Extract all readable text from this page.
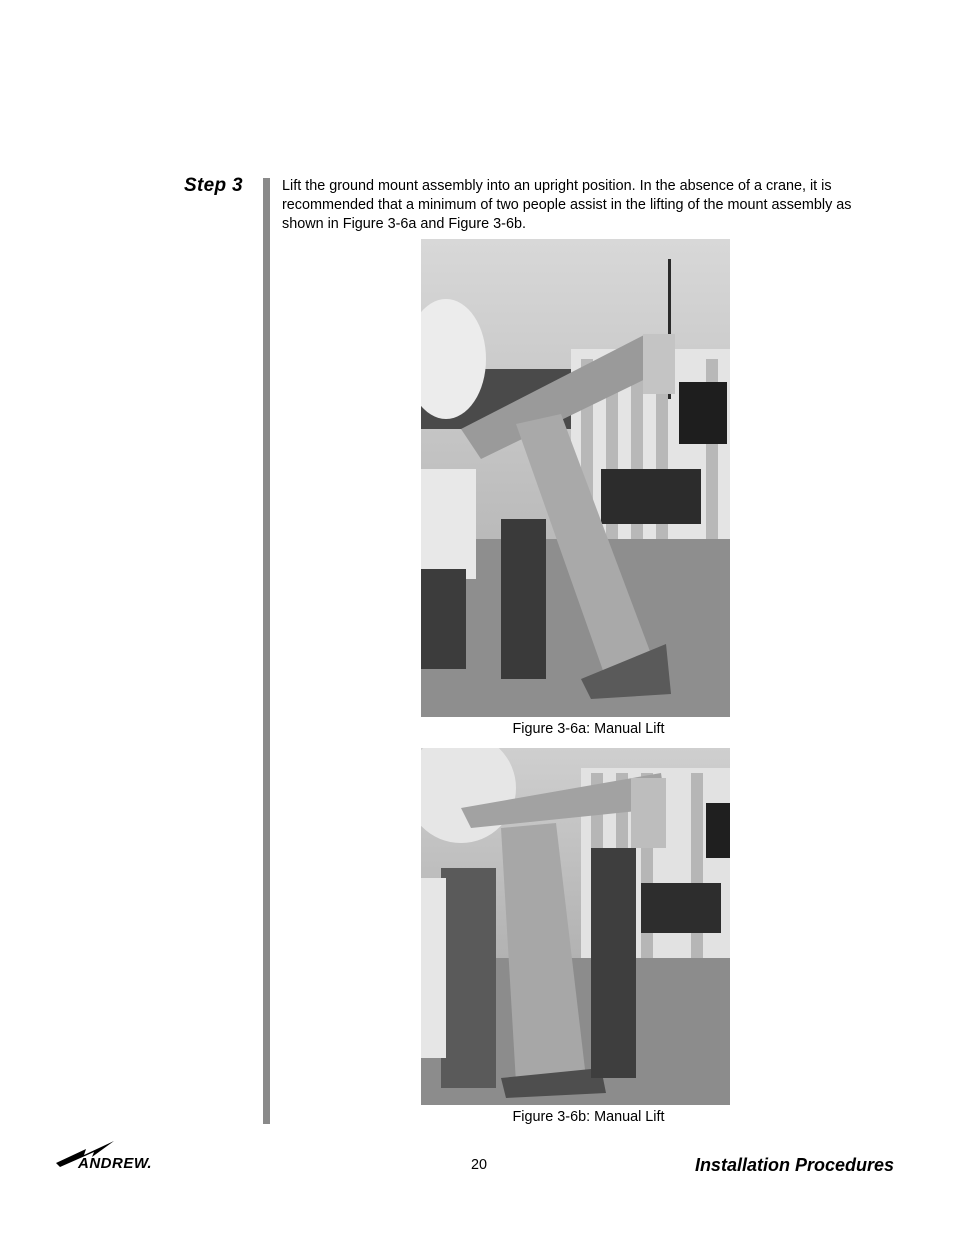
Step 3	Lift the ground mount assembly into an upright position. In the absence of a crane, it is recommended that a minimum of two people assist in the lifting of the mount assembly as shown in Figure 3-6a and Figure 3-6b.
Figure 3-6a: Manual Lift
Figure 3-6b: Manual Lift
ANDREW.	20	Installation Procedures
